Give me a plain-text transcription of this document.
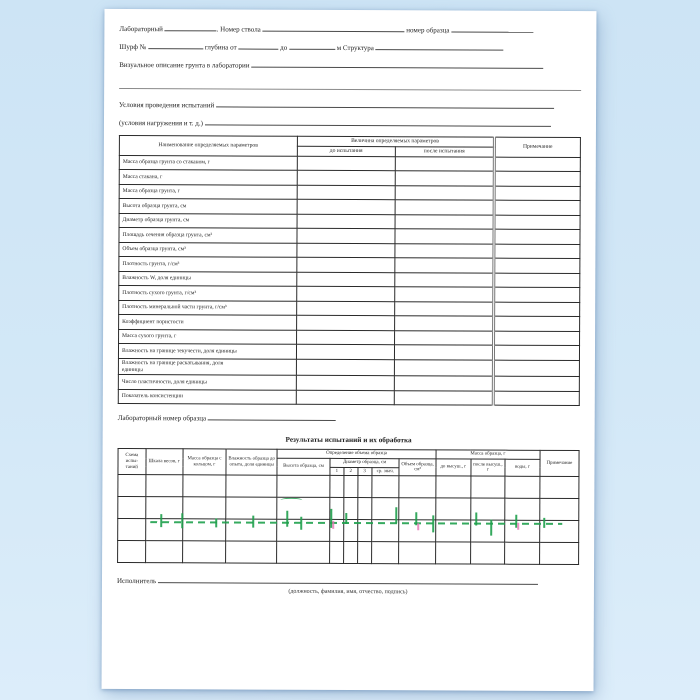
Лабораторный	. Номер ствола	номер образца
Шурф №	глубина от	до	м Структура
Визуальное описание грунта в лаборатории
Условия проведения испытаний
(условия нагружения и т. д.)
Наименование определяемых параметров	Величина определяемых параметров		Примечание
	до испытания	после испытания	
Масса образца грунта со стаканом, г			
Масса стакана, г			
Масса образца грунта, г			
Высота образца грунта, см			
Диаметр образца грунта, см			
Площадь сечения образца грунта, см²			
Объем образца грунта, см³			
Плотность грунта, г/см³			
Влажность W, доля единицы			
Плотность сухого грунта, г/см³			
Плотность минеральной части грунта, г/см³			
Коэффициент пористости			
Масса сухого грунта, г			
Влажность на границе текучести, доля единицы			
Влажность на границе раскатывания, доля единицы			
Число пластичности, доля единицы			
Показатель консистенции			
Лабораторный номер образца
Результаты испытаний и их обработка
Схема испы- таний	Шкала весов, г	Масса образца с кольцом, г	Влажность образца до опыта, доля единицы	Определение объема образца						Масса образца, г			Примечание
				Высота образца, см	Диаметр образца, см				Объем образца, см³	до высуш., г	после высуш., г	воды, г	
					1	2	3	ср. знач.					

Исполнитель
(должность, фамилия, имя, отчество, подпись)
